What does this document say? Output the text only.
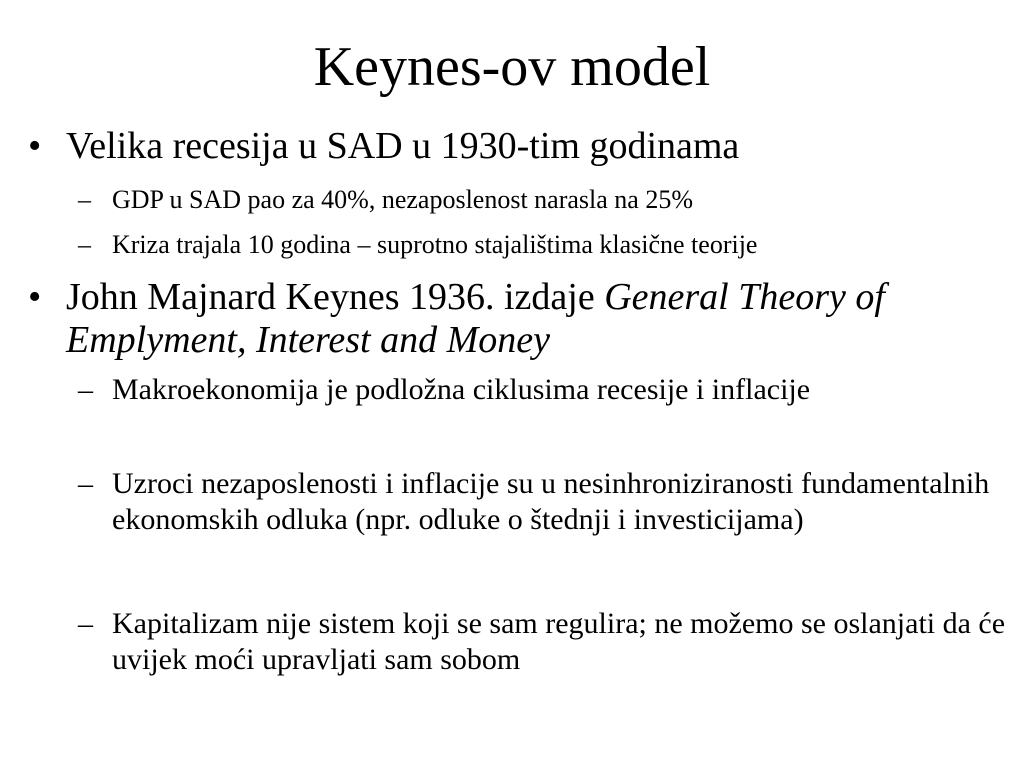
Keynes-ov model
• Velika recesija u SAD u 1930-tim godinama
– GDP u SAD pao za 40%, nezaposlenost narasla na 25%
– Kriza trajala 10 godina – suprotno stajalištima klasične teorije
• John Majnard Keynes 1936. izdaje General Theory of Emplyment, Interest and Money
– Makroekonomija je podložna ciklusima recesije i inflacije
– Uzroci nezaposlenosti i inflacije su u nesinhroniziranosti fundamentalnih ekonomskih odluka (npr. odluke o štednji i investicijama)
– Kapitalizam nije sistem koji se sam regulira; ne možemo se oslanjati da će uvijek moći upravljati sam sobom
